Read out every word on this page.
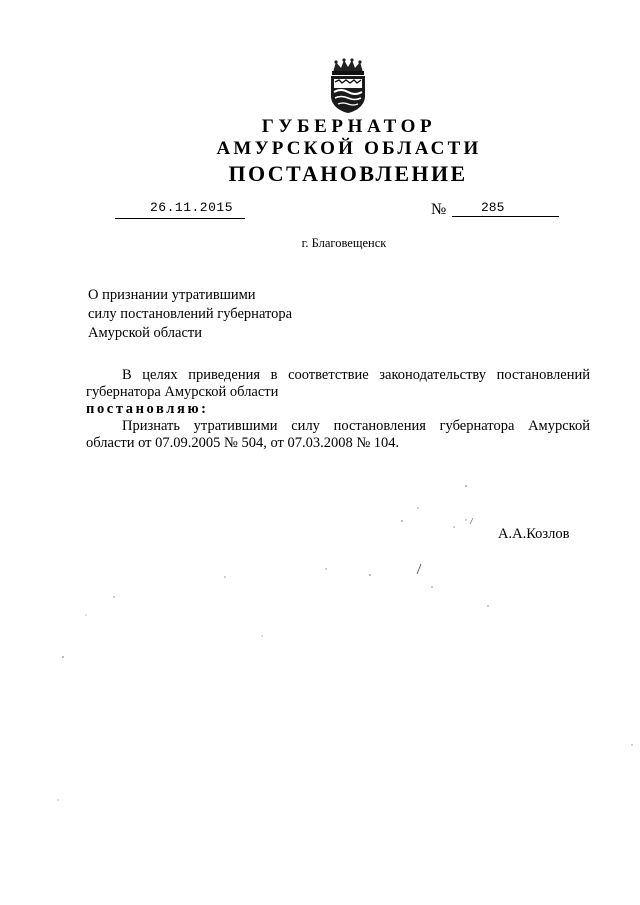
ГУБЕРНАТОР
АМУРСКОЙ ОБЛАСТИ
ПОСТАНОВЛЕНИЕ
26.11.2015	№	285
г. Благовещенск
О признании утратившими
силу постановлений губернатора
Амурской области
В целях приведения в соответствие законодательству постановлений
губернатора Амурской области
постановляю:
Признать утратившими силу постановления губернатора Амурской
области от 07.09.2005 № 504, от 07.03.2008 № 104.
А.А.Козлов
